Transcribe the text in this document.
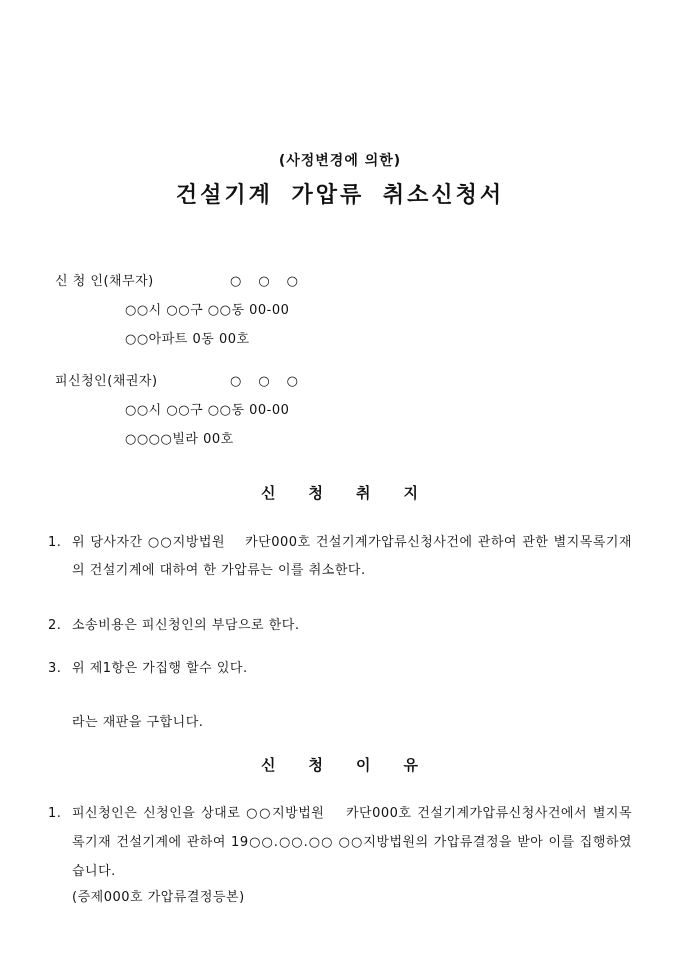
(사정변경에 의한)
건설기계 가압류 취소신청서
신 청 인(채무자)	○　○　○
○○시 ○○구 ○○동 00-00
○○아파트 0동 00호
피신청인(채권자)	○　○　○
○○시 ○○구 ○○동 00-00
○○○○빌라 00호
신　　청　　취　　지
1. 위 당사자간 ○○지방법원　 카단000호 건설기계가압류신청사건에 관하여 관한 별지목록기재의 건설기계에 대하여 한 가압류는 이를 취소한다.
2. 소송비용은 피신청인의 부담으로 한다.
3. 위 제1항은 가집행 할수 있다.
라는 재판을 구합니다.
신　　청　　이　　유
1. 피신청인은 신청인을 상대로 ○○지방법원　 카단000호 건설기계가압류신청사건에서 별지목록기재 건설기계에 관하여 19○○.○○.○○ ○○지방법원의 가압류결정을 받아 이를 집행하였습니다.
(증제000호 가압류결정등본)
